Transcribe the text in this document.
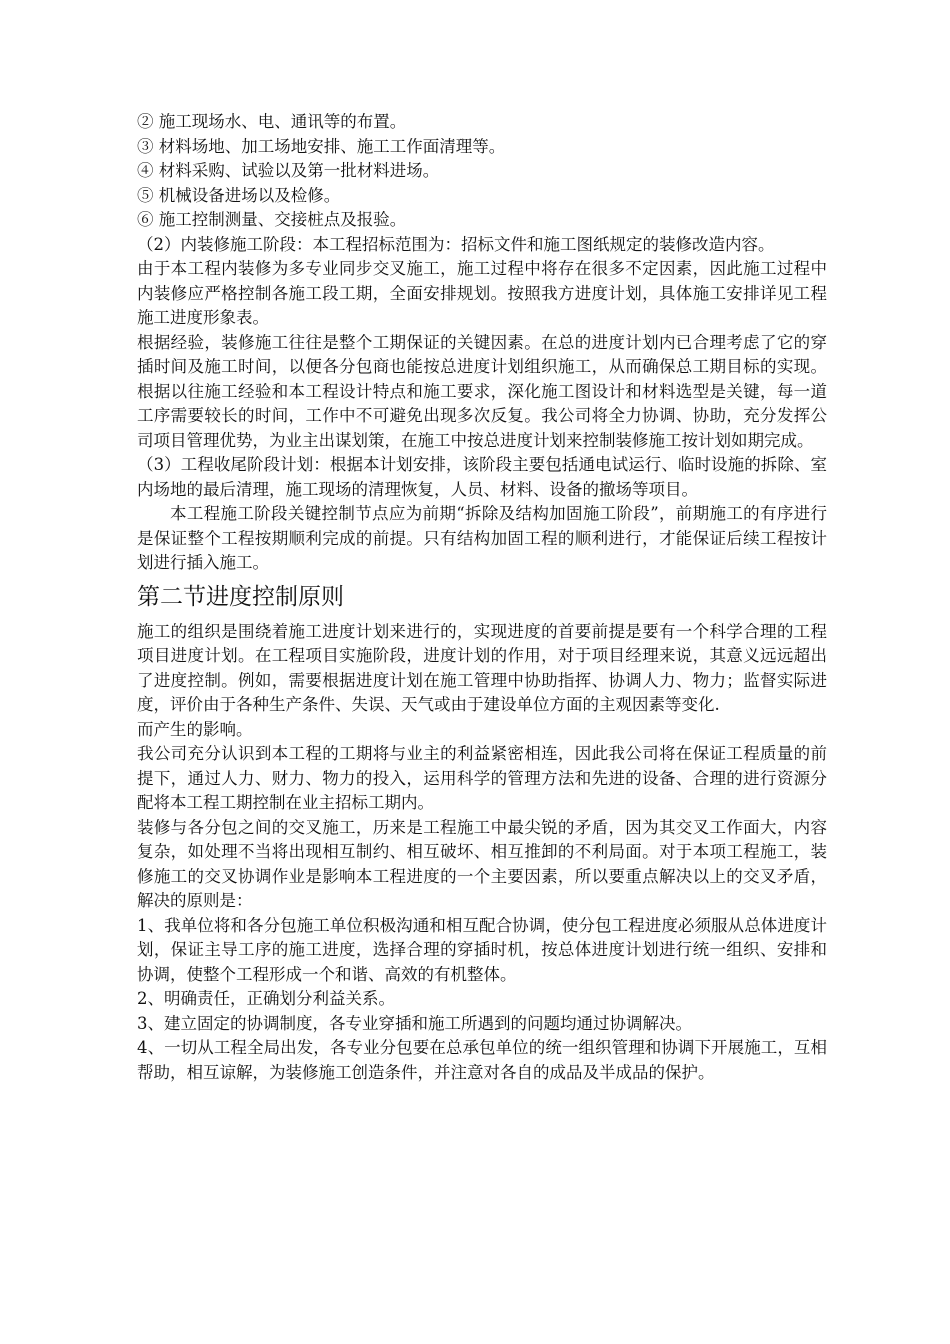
② 施工现场水、电、通讯等的布置。

③ 材料场地、加工场地安排、施工工作面清理等。

④ 材料采购、试验以及第一批材料进场。

⑤ 机械设备进场以及检修。

⑥ 施工控制测量、交接桩点及报验。

（2）内装修施工阶段：本工程招标范围为：招标文件和施工图纸规定的装修改造内容。

由于本工程内装修为多专业同步交叉施工，施工过程中将存在很多不定因素，因此施工过程中内装修应严格控制各施工段工期，全面安排规划。按照我方进度计划，具体施工安排详见工程施工进度形象表。

根据经验，装修施工往往是整个工期保证的关键因素。在总的进度计划内已合理考虑了它的穿插时间及施工时间，以便各分包商也能按总进度计划组织施工，从而确保总工期目标的实现。根据以往施工经验和本工程设计特点和施工要求，深化施工图设计和材料选型是关键，每一道工序需要较长的时间，工作中不可避免出现多次反复。我公司将全力协调、协助，充分发挥公司项目管理优势，为业主出谋划策，在施工中按总进度计划来控制装修施工按计划如期完成。

（3）工程收尾阶段计划：根据本计划安排，该阶段主要包括通电试运行、临时设施的拆除、室内场地的最后清理，施工现场的清理恢复，人员、材料、设备的撤场等项目。

本工程施工阶段关键控制节点应为前期“拆除及结构加固施工阶段”，前期施工的有序进行是保证整个工程按期顺利完成的前提。只有结构加固工程的顺利进行，才能保证后续工程按计划进行插入施工。

第二节进度控制原则

施工的组织是围绕着施工进度计划来进行的，实现进度的首要前提是要有一个科学合理的工程项目进度计划。在工程项目实施阶段，进度计划的作用，对于项目经理来说，其意义远远超出了进度控制。例如，需要根据进度计划在施工管理中协助指挥、协调人力、物力；监督实际进度，评价由于各种生产条件、失误、天气或由于建设单位方面的主观因素等变化.

而产生的影响。

我公司充分认识到本工程的工期将与业主的利益紧密相连，因此我公司将在保证工程质量的前提下，通过人力、财力、物力的投入，运用科学的管理方法和先进的设备、合理的进行资源分配将本工程工期控制在业主招标工期内。

装修与各分包之间的交叉施工，历来是工程施工中最尖锐的矛盾，因为其交叉工作面大，内容复杂，如处理不当将出现相互制约、相互破坏、相互推卸的不利局面。对于本项工程施工，装修施工的交叉协调作业是影响本工程进度的一个主要因素，所以要重点解决以上的交叉矛盾，解决的原则是：

1、我单位将和各分包施工单位积极沟通和相互配合协调，使分包工程进度必须服从总体进度计划，保证主导工序的施工进度，选择合理的穿插时机，按总体进度计划进行统一组织、安排和协调，使整个工程形成一个和谐、高效的有机整体。

2、明确责任，正确划分利益关系。

3、建立固定的协调制度，各专业穿插和施工所遇到的问题均通过协调解决。

4、一切从工程全局出发，各专业分包要在总承包单位的统一组织管理和协调下开展施工，互相帮助，相互谅解，为装修施工创造条件，并注意对各自的成品及半成品的保护。
